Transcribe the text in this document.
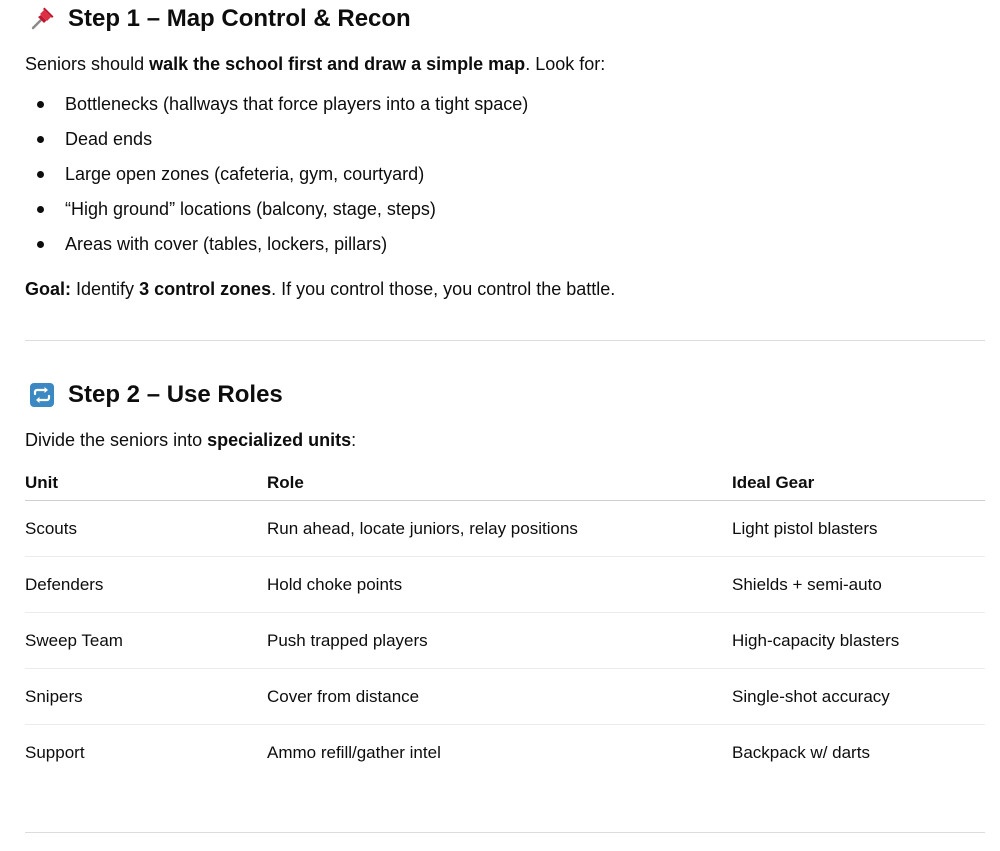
Step 1 – Map Control & Recon

Seniors should walk the school first and draw a simple map. Look for:

Bottlenecks (hallways that force players into a tight space)
Dead ends
Large open zones (cafeteria, gym, courtyard)
“High ground” locations (balcony, stage, steps)
Areas with cover (tables, lockers, pillars)

Goal: Identify 3 control zones. If you control those, you control the battle.

Step 2 – Use Roles

Divide the seniors into specialized units:

Unit	Role	Ideal Gear
Scouts	Run ahead, locate juniors, relay positions	Light pistol blasters
Defenders	Hold choke points	Shields + semi-auto
Sweep Team	Push trapped players	High-capacity blasters
Snipers	Cover from distance	Single-shot accuracy
Support	Ammo refill/gather intel	Backpack w/ darts
